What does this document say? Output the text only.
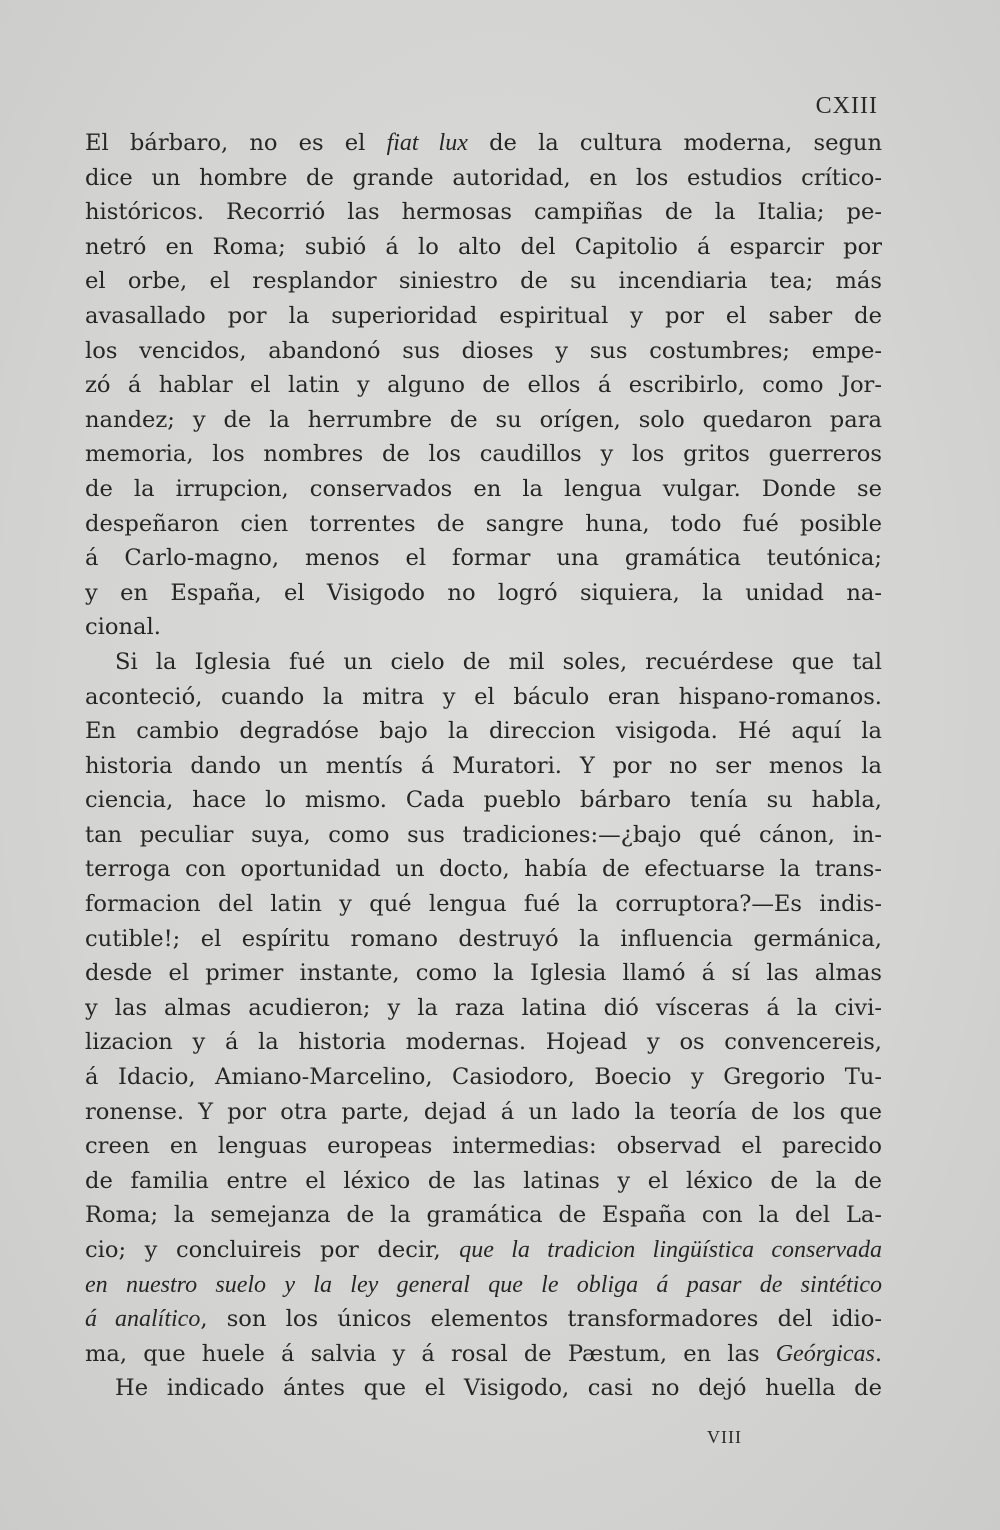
CXIII
El bárbaro, no es el fiat lux de la cultura moderna, segun
dice un hombre de grande autoridad, en los estudios crítico-
históricos. Recorrió las hermosas campiñas de la Italia; pe-
netró en Roma; subió á lo alto del Capitolio á esparcir por
el orbe, el resplandor siniestro de su incendiaria tea; más
avasallado por la superioridad espiritual y por el saber de
los vencidos, abandonó sus dioses y sus costumbres; empe-
zó á hablar el latin y alguno de ellos á escribirlo, como Jor-
nandez; y de la herrumbre de su orígen, solo quedaron para
memoria, los nombres de los caudillos y los gritos guerreros
de la irrupcion, conservados en la lengua vulgar. Donde se
despeñaron cien torrentes de sangre huna, todo fué posible
á Carlo-magno, menos el formar una gramática teutónica;
y en España, el Visigodo no logró siquiera, la unidad na-
cional.
Si la Iglesia fué un cielo de mil soles, recuérdese que tal
aconteció, cuando la mitra y el báculo eran hispano-romanos.
En cambio degradóse bajo la direccion visigoda. Hé aquí la
historia dando un mentís á Muratori. Y por no ser menos la
ciencia, hace lo mismo. Cada pueblo bárbaro tenía su habla,
tan peculiar suya, como sus tradiciones:—¿bajo qué cánon, in-
terroga con oportunidad un docto, había de efectuarse la trans-
formacion del latin y qué lengua fué la corruptora?—Es indis-
cutible!; el espíritu romano destruyó la influencia germánica,
desde el primer instante, como la Iglesia llamó á sí las almas
y las almas acudieron; y la raza latina dió vísceras á la civi-
lizacion y á la historia modernas. Hojead y os convencereis,
á Idacio, Amiano-Marcelino, Casiodoro, Boecio y Gregorio Tu-
ronense. Y por otra parte, dejad á un lado la teoría de los que
creen en lenguas europeas intermedias: observad el parecido
de familia entre el léxico de las latinas y el léxico de la de
Roma; la semejanza de la gramática de España con la del La-
cio; y concluireis por decir, que la tradicion lingüística conservada
en nuestro suelo y la ley general que le obliga á pasar de sintético
á analítico, son los únicos elementos transformadores del idio-
ma, que huele á salvia y á rosal de Pæstum, en las Geórgicas.
He indicado ántes que el Visigodo, casi no dejó huella de
VIII
